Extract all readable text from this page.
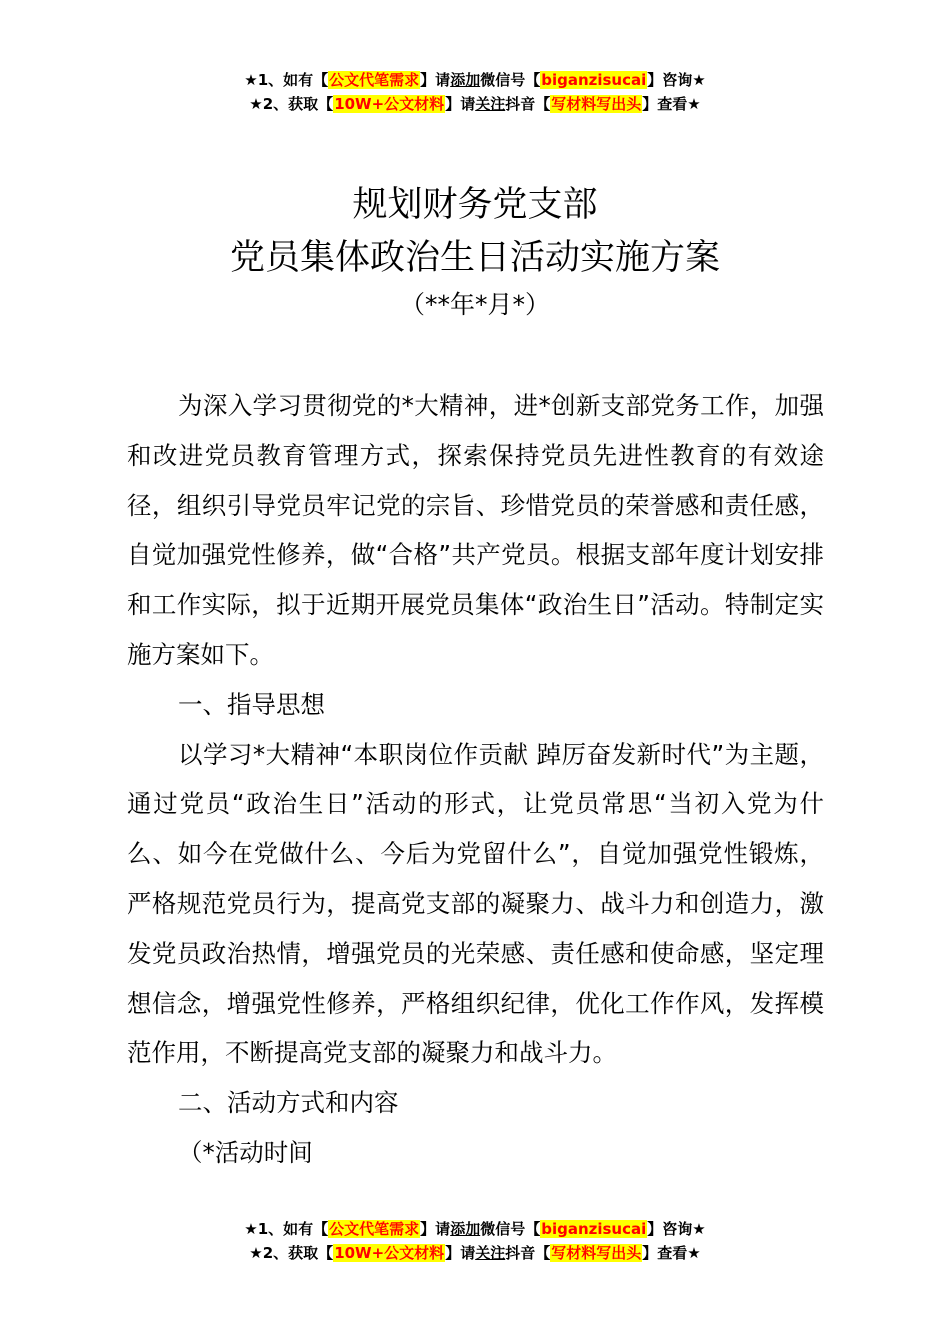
★1、如有【公文代笔需求】请添加微信号【biganzisucai】咨询★
★2、获取【10W+公文材料】请关注抖音【写材料写出头】查看★
规划财务党支部
党员集体政治生日活动实施方案
（**年*月*）

为深入学习贯彻党的*大精神，进*创新支部党务工作，加强和改进党员教育管理方式，探索保持党员先进性教育的有效途径，组织引导党员牢记党的宗旨、珍惜党员的荣誉感和责任感，自觉加强党性修养，做“合格”共产党员。根据支部年度计划安排和工作实际，拟于近期开展党员集体“政治生日”活动。特制定实施方案如下。

一、指导思想

以学习*大精神“本职岗位作贡献 踔厉奋发新时代”为主题，通过党员“政治生日”活动的形式，让党员常思“当初入党为什么、如今在党做什么、今后为党留什么”，自觉加强党性锻炼，严格规范党员行为，提高党支部的凝聚力、战斗力和创造力，激发党员政治热情，增强党员的光荣感、责任感和使命感，坚定理想信念，增强党性修养，严格组织纪律，优化工作作风，发挥模范作用，不断提高党支部的凝聚力和战斗力。

二、活动方式和内容

（*活动时间

★1、如有【公文代笔需求】请添加微信号【biganzisucai】咨询★
★2、获取【10W+公文材料】请关注抖音【写材料写出头】查看★
